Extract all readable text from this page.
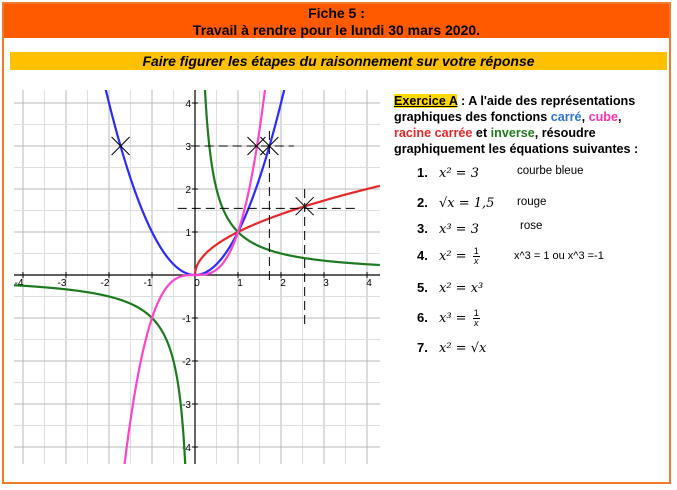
Fiche 5 :
Travail à rendre pour le lundi 30 mars 2020.
Faire figurer les étapes du raisonnement sur votre réponse
-4	-3	-2	-1	0	1	2	3	4
4
3
2
1
-1
-2
-3
-4
Exercice A : A l'aide des représentations graphiques des fonctions carré, cube,
racine carrée et inverse, résoudre graphiquement les équations suivantes :
1. x² = 3	courbe bleue
2. √x = 1,5 rouge
3. x³ = 3	rose
4. $x^2 = \frac{1}{x}$	x^3 = 1 ou x^3 =-1
5. x² = x³
6. $x^3 = \frac{1}{x}$
7. x² = √x
